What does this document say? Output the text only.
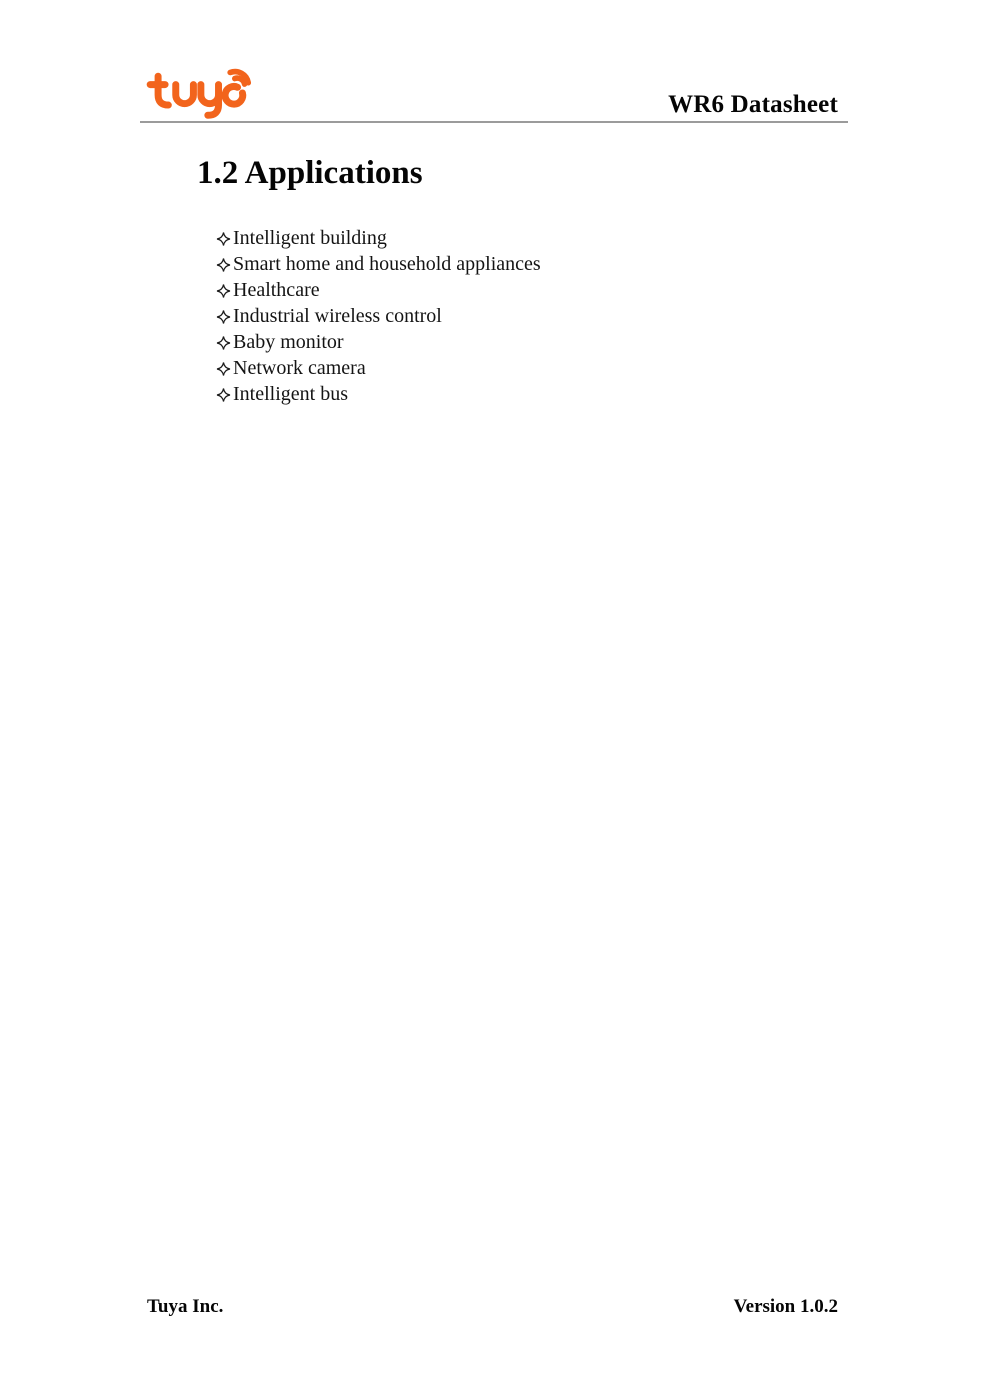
WR6 Datasheet
1.2 Applications
Intelligent building
Smart home and household appliances
Healthcare
Industrial wireless control
Baby monitor
Network camera
Intelligent bus
Tuya Inc.	Version 1.0.2
